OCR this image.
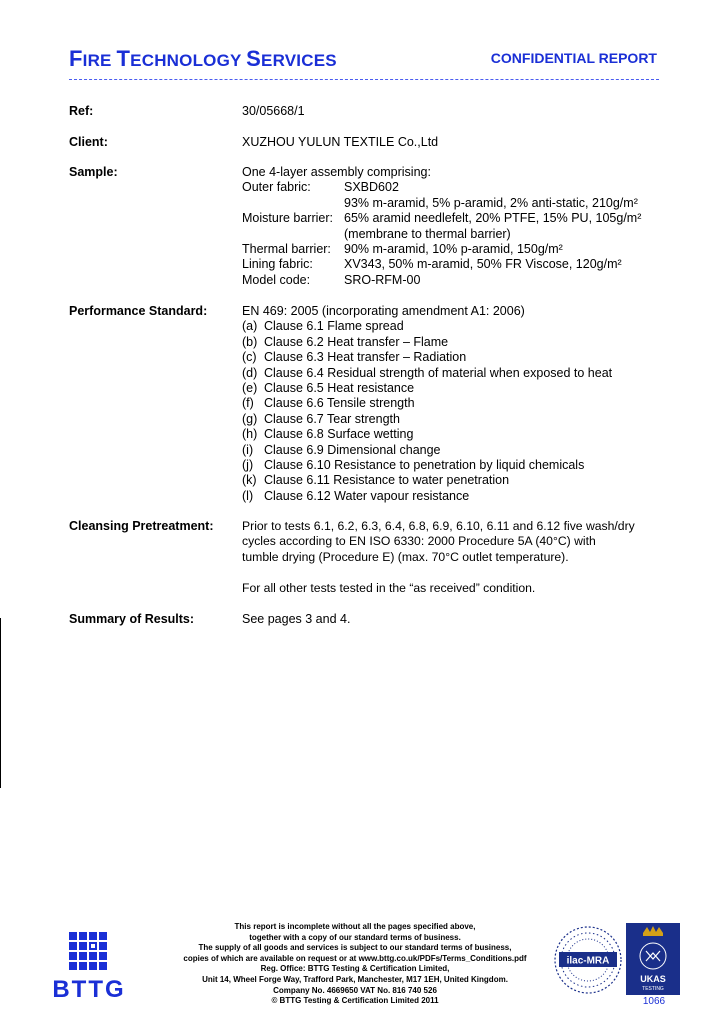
FIRE TECHNOLOGY SERVICES	CONFIDENTIAL REPORT
Ref:	30/05668/1
Client:	XUZHOU YULUN TEXTILE Co.,Ltd
Sample:	One 4-layer assembly comprising:
Outer fabric:	SXBD602
93% m-aramid, 5% p-aramid, 2% anti-static, 210g/m²
Moisture barrier: 65% aramid needlefelt, 20% PTFE, 15% PU, 105g/m²
(membrane to thermal barrier)
Thermal barrier: 90% m-aramid, 10% p-aramid, 150g/m²
Lining fabric: XV343, 50% m-aramid, 50% FR Viscose, 120g/m²
Model code:	SRO-RFM-00
Performance Standard:	EN 469: 2005 (incorporating amendment A1: 2006)
(a) Clause 6.1 Flame spread
(b) Clause 6.2 Heat transfer – Flame
(c) Clause 6.3 Heat transfer – Radiation
(d) Clause 6.4 Residual strength of material when exposed to heat
(e) Clause 6.5 Heat resistance
(f) Clause 6.6 Tensile strength
(g) Clause 6.7 Tear strength
(h) Clause 6.8 Surface wetting
(i) Clause 6.9 Dimensional change
(j) Clause 6.10 Resistance to penetration by liquid chemicals
(k) Clause 6.11 Resistance to water penetration
(l) Clause 6.12 Water vapour resistance
Cleansing Pretreatment: Prior to tests 6.1, 6.2, 6.3, 6.4, 6.8, 6.9, 6.10, 6.11 and 6.12 five wash/dry
cycles according to EN ISO 6330: 2000 Procedure 5A (40°C) with
tumble drying (Procedure E) (max. 70°C outlet temperature).
For all other tests tested in the “as received” condition.
Summary of Results:	See pages 3 and 4.
BTTG
This report is incomplete without all the pages specified above,
together with a copy of our standard terms of business.
The supply of all goods and services is subject to our standard terms of business,
copies of which are available on request or at www.bttg.co.uk/PDFs/Terms_Conditions.pdf
Reg. Office: BTTG Testing & Certification Limited,
Unit 14, Wheel Forge Way, Trafford Park, Manchester, M17 1EH, United Kingdom.
Company No. 4669650 VAT No. 816 740 526
© BTTG Testing & Certification Limited 2011
ilac-MRA
UKAS
TESTING
1066
